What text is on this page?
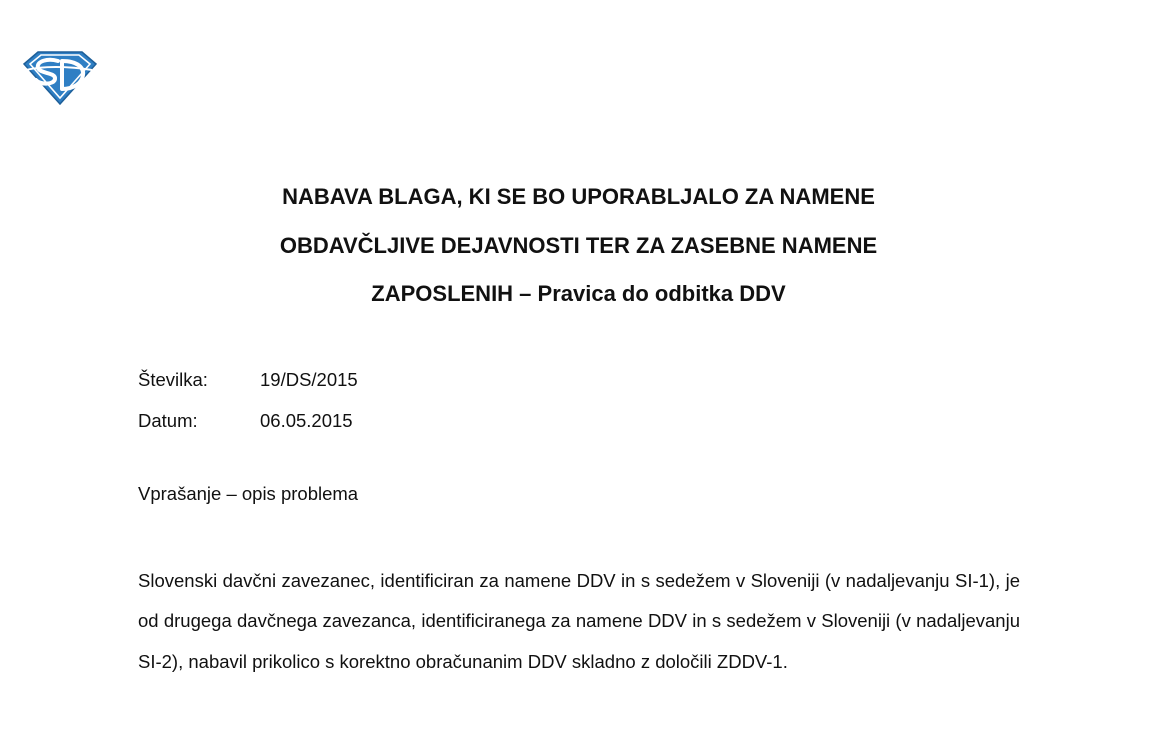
NABAVA BLAGA, KI SE BO UPORABLJALO ZA NAMENE
OBDAVČLJIVE DEJAVNOSTI TER ZA ZASEBNE NAMENE
ZAPOSLENIH – Pravica do odbitka DDV
Številka:	19/DS/2015
Datum:	06.05.2015
Vprašanje – opis problema

Slovenski davčni zavezanec, identificiran za namene DDV in s sedežem v Sloveniji (v nadaljevanju SI-1), je od drugega davčnega zavezanca, identificiranega za namene DDV in s sedežem v Sloveniji (v nadaljevanju SI-2), nabavil prikolico s korektno obračunanim DDV skladno z določili ZDDV-1.
